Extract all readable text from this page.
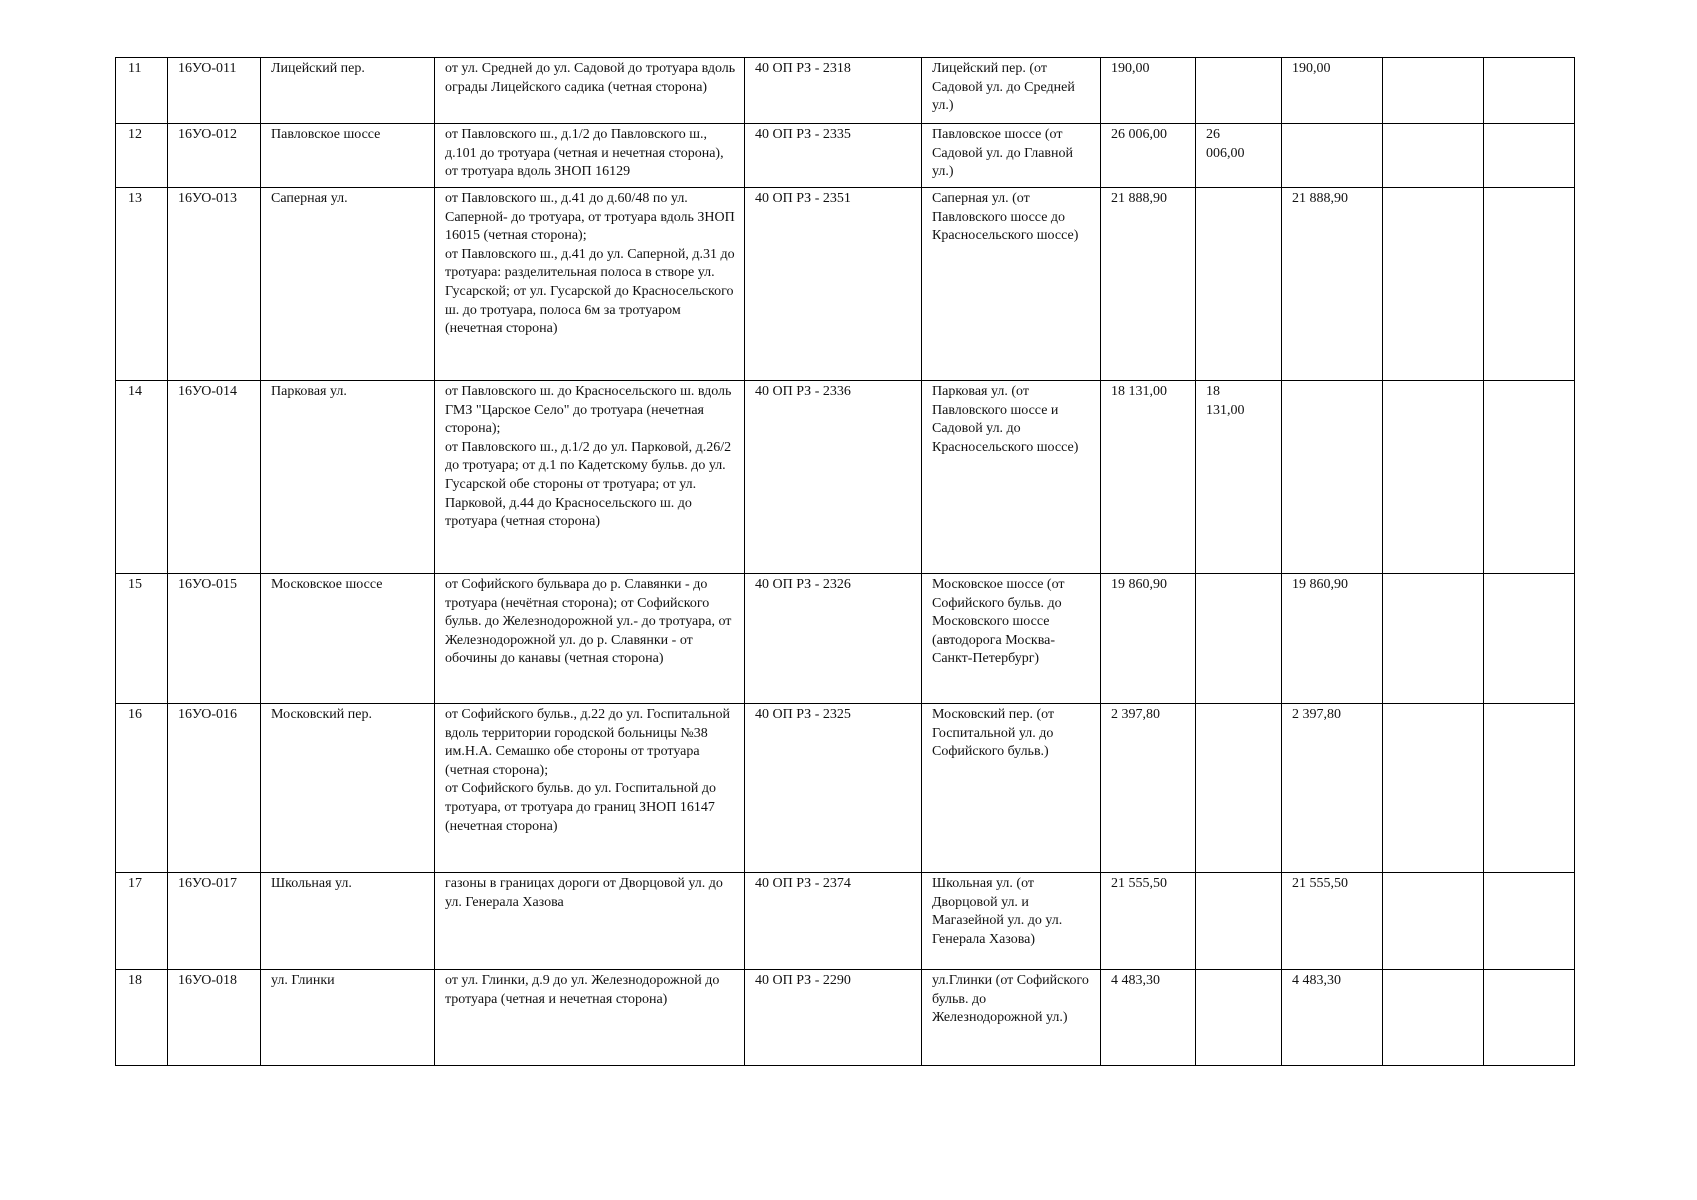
11	16УО-011	Лицейский пер.	от ул. Средней до ул. Садовой до тротуара вдоль ограды Лицейского садика (четная сторона)	40 ОП РЗ - 2318	Лицейский пер. (от Садовой ул. до Средней ул.)	190,00		190,00		
12	16УО-012	Павловское шоссе	от Павловского ш., д.1/2 до Павловского ш., д.101 до тротуара (четная и нечетная сторона), от тротуара вдоль ЗНОП 16129	40 ОП РЗ - 2335	Павловское шоссе (от Садовой ул. до Главной ул.)	26 006,00	26
006,00			
13	16УО-013	Саперная ул.	от Павловского ш., д.41 до д.60/48 по ул. Саперной- до тротуара, от тротуара вдоль ЗНОП 16015 (четная сторона);
от Павловского ш., д.41 до ул. Саперной, д.31 до тротуара: разделительная полоса в створе ул. Гусарской; от ул. Гусарской до Красносельского ш. до тротуара, полоса 6м за тротуаром (нечетная сторона)	40 ОП РЗ - 2351	Саперная ул. (от Павловского шоссе до Красносельского шоссе)	21 888,90		21 888,90		
14	16УО-014	Парковая ул.	от Павловского ш. до Красносельского ш. вдоль ГМЗ "Царское Село" до тротуара (нечетная сторона);
от Павловского ш., д.1/2 до ул. Парковой, д.26/2 до тротуара; от д.1 по Кадетскому бульв. до ул. Гусарской обе стороны от тротуара; от ул. Парковой, д.44 до Красносельского ш. до тротуара (четная сторона)	40 ОП РЗ - 2336	Парковая ул. (от Павловского шоссе и Садовой ул. до Красносельского шоссе)	18 131,00	18
131,00			
15	16УО-015	Московское шоссе	от Софийского бульвара до р. Славянки - до тротуара (нечётная сторона); от Софийского бульв. до Железнодорожной ул.- до тротуара, от Железнодорожной ул. до р. Славянки - от обочины до канавы (четная сторона)	40 ОП РЗ - 2326	Московское шоссе (от Софийского бульв. до Московского шоссе (автодорога Москва-Санкт-Петербург)	19 860,90		19 860,90		
16	16УО-016	Московский пер.	от Софийского бульв., д.22 до ул. Госпитальной вдоль территории городской больницы №38 им.Н.А. Семашко обе стороны от тротуара (четная сторона);
от Софийского бульв. до ул. Госпитальной до тротуара, от тротуара до границ ЗНОП 16147 (нечетная сторона)	40 ОП РЗ - 2325	Московский пер. (от Госпитальной ул. до Софийского бульв.)	2 397,80		2 397,80		
17	16УО-017	Школьная ул.	газоны в границах дороги от Дворцовой ул. до ул. Генерала Хазова	40 ОП РЗ - 2374	Школьная ул. (от Дворцовой ул. и Магазейной ул. до ул. Генерала Хазова)	21 555,50		21 555,50		
18	16УО-018	ул. Глинки	от ул. Глинки, д.9 до ул. Железнодорожной до тротуара (четная и нечетная сторона)	40 ОП РЗ - 2290	ул.Глинки (от Софийского бульв. до Железнодорожной ул.)	4 483,30		4 483,30		
